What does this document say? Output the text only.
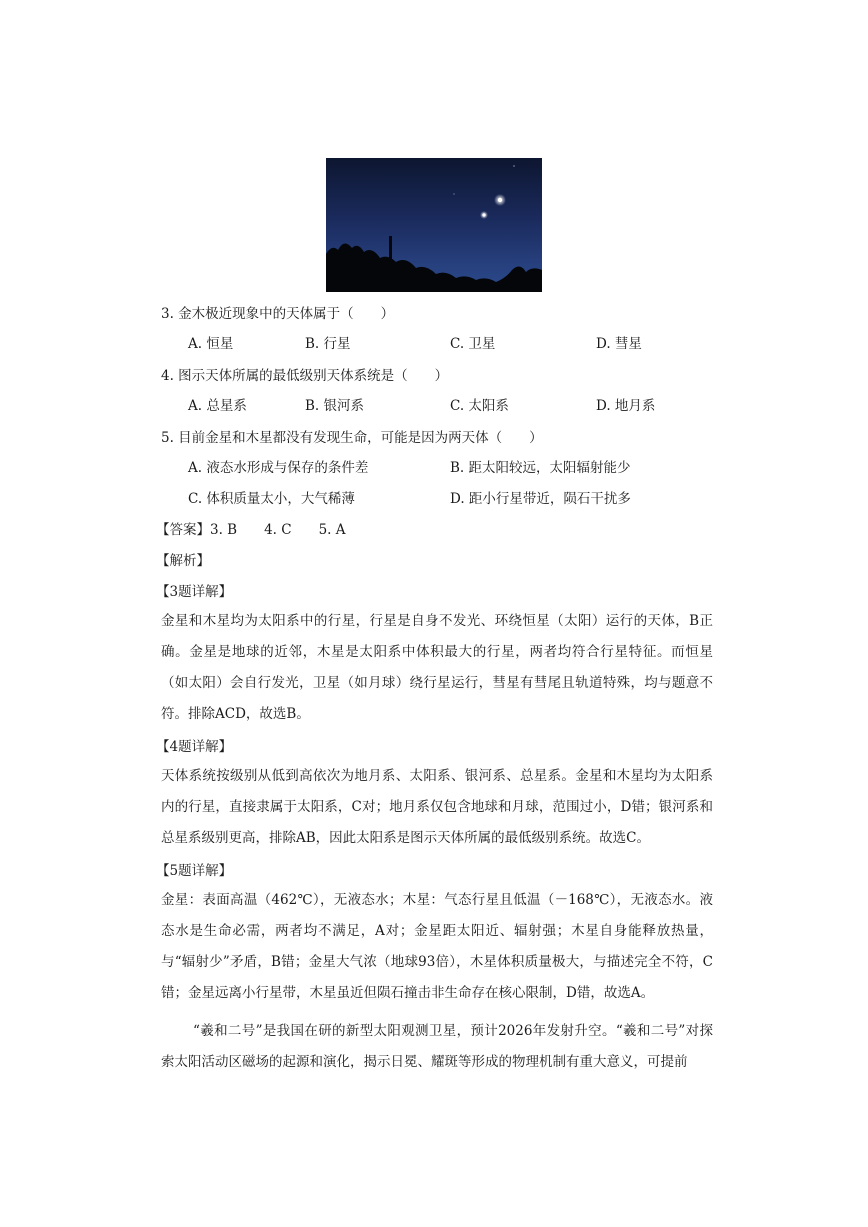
3. 金木极近现象中的天体属于（　　）
A. 恒星	B. 行星	C. 卫星	D. 彗星
4. 图示天体所属的最低级别天体系统是（　　）
A. 总星系	B. 银河系	C. 太阳系	D. 地月系
5. 目前金星和木星都没有发现生命，可能是因为两天体（　　）
A. 液态水形成与保存的条件差	B. 距太阳较远，太阳辐射能少
C. 体积质量太小，大气稀薄	D. 距小行星带近，陨石干扰多
【答案】3. B　　4. C　　5. A
【解析】
【3题详解】
金星和木星均为太阳系中的行星，行星是自身不发光、环绕恒星（太阳）运行的天体，B正确。金星是地球的近邻，木星是太阳系中体积最大的行星，两者均符合行星特征。而恒星（如太阳）会自行发光，卫星（如月球）绕行星运行，彗星有彗尾且轨道特殊，均与题意不符。排除ACD，故选B。
【4题详解】
天体系统按级别从低到高依次为地月系、太阳系、银河系、总星系。金星和木星均为太阳系内的行星，直接隶属于太阳系，C对；地月系仅包含地球和月球，范围过小，D错；银河系和总星系级别更高，排除AB，因此太阳系是图示天体所属的最低级别系统。故选C。
【5题详解】
金星：表面高温（462℃），无液态水；木星：气态行星且低温（－168℃），无液态水。液态水是生命必需，两者均不满足，A对；金星距太阳近、辐射强；木星自身能释放热量，与“辐射少”矛盾，B错；金星大气浓（地球93倍），木星体积质量极大，与描述完全不符，C错；金星远离小行星带，木星虽近但陨石撞击非生命存在核心限制，D错，故选A。
“羲和二号”是我国在研的新型太阳观测卫星，预计2026年发射升空。“羲和二号”对探索太阳活动区磁场的起源和演化，揭示日冕、耀斑等形成的物理机制有重大意义，可提前
